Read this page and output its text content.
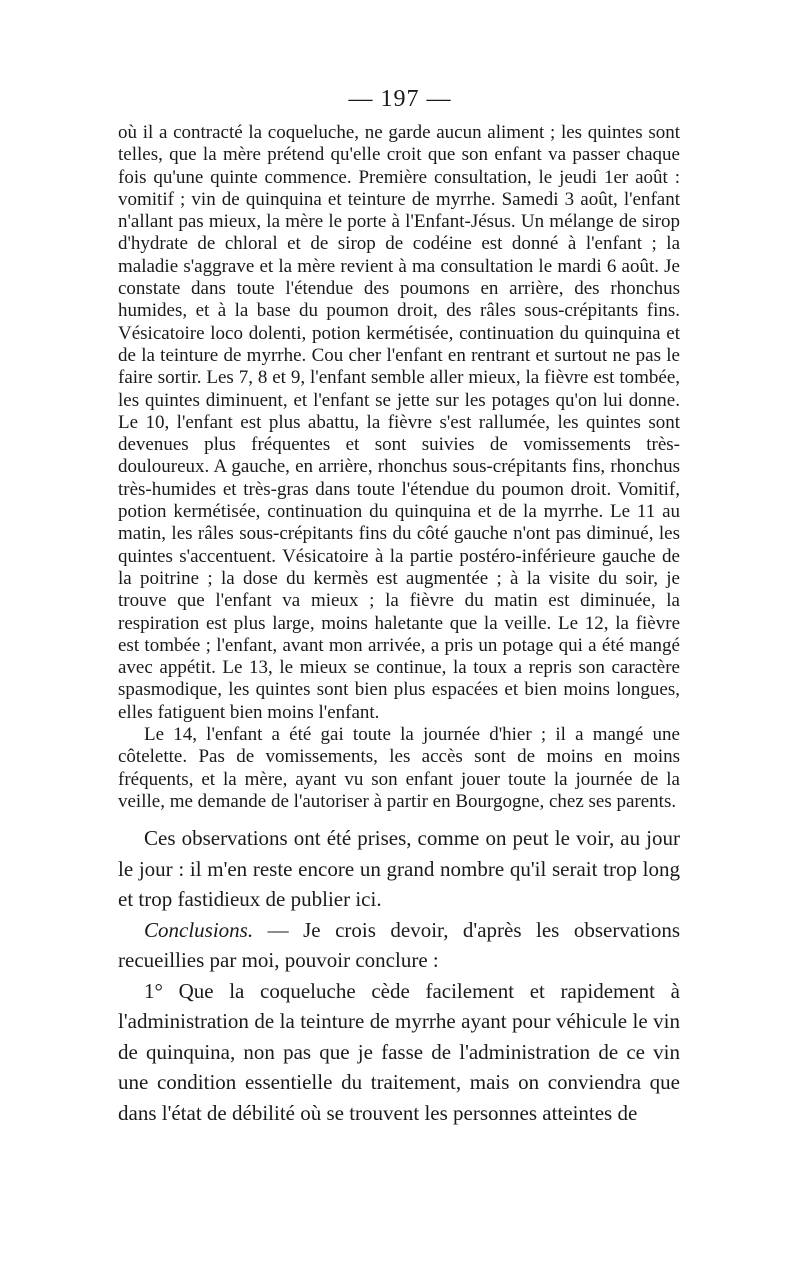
— 197 —

où il a contracté la coqueluche, ne garde aucun aliment ; les quintes sont telles, que la mère prétend qu'elle croit que son enfant va passer chaque fois qu'une quinte commence. Première consultation, le jeudi 1er août : vomitif ; vin de quinquina et teinture de myrrhe. Samedi 3 août, l'enfant n'allant pas mieux, la mère le porte à l'Enfant-Jésus. Un mélange de sirop d'hydrate de chloral et de sirop de codéine est donné à l'enfant ; la maladie s'aggrave et la mère revient à ma consultation le mardi 6 août. Je constate dans toute l'étendue des poumons en arrière, des rhonchus humides, et à la base du poumon droit, des râles sous-crépitants fins. Vésicatoire loco dolenti, potion kermétisée, continuation du quinquina et de la teinture de myrrhe. Cou cher l'enfant en rentrant et surtout ne pas le faire sortir. Les 7, 8 et 9, l'enfant semble aller mieux, la fièvre est tombée, les quintes diminuent, et l'enfant se jette sur les potages qu'on lui donne. Le 10, l'enfant est plus abattu, la fièvre s'est rallumée, les quintes sont devenues plus fréquentes et sont suivies de vomissements très-douloureux. A gauche, en arrière, rhonchus sous-crépitants fins, rhonchus très-humides et très-gras dans toute l'étendue du poumon droit. Vomitif, potion kermétisée, continuation du quinquina et de la myrrhe. Le 11 au matin, les râles sous-crépitants fins du côté gauche n'ont pas diminué, les quintes s'accentuent. Vésicatoire à la partie postéro-inférieure gauche de la poitrine ; la dose du kermès est augmentée ; à la visite du soir, je trouve que l'enfant va mieux ; la fièvre du matin est diminuée, la respiration est plus large, moins haletante que la veille. Le 12, la fièvre est tombée ; l'enfant, avant mon arrivée, a pris un potage qui a été mangé avec appétit. Le 13, le mieux se continue, la toux a repris son caractère spasmodique, les quintes sont bien plus espacées et bien moins longues, elles fatiguent bien moins l'enfant.

Le 14, l'enfant a été gai toute la journée d'hier ; il a mangé une côtelette. Pas de vomissements, les accès sont de moins en moins fréquents, et la mère, ayant vu son enfant jouer toute la journée de la veille, me demande de l'autoriser à partir en Bourgogne, chez ses parents.

Ces observations ont été prises, comme on peut le voir, au jour le jour : il m'en reste encore un grand nombre qu'il serait trop long et trop fastidieux de publier ici.

Conclusions. — Je crois devoir, d'après les observations recueillies par moi, pouvoir conclure :

1° Que la coqueluche cède facilement et rapidement à l'administration de la teinture de myrrhe ayant pour véhicule le vin de quinquina, non pas que je fasse de l'administration de ce vin une condition essentielle du traitement, mais on conviendra que dans l'état de débilité où se trouvent les personnes atteintes de
